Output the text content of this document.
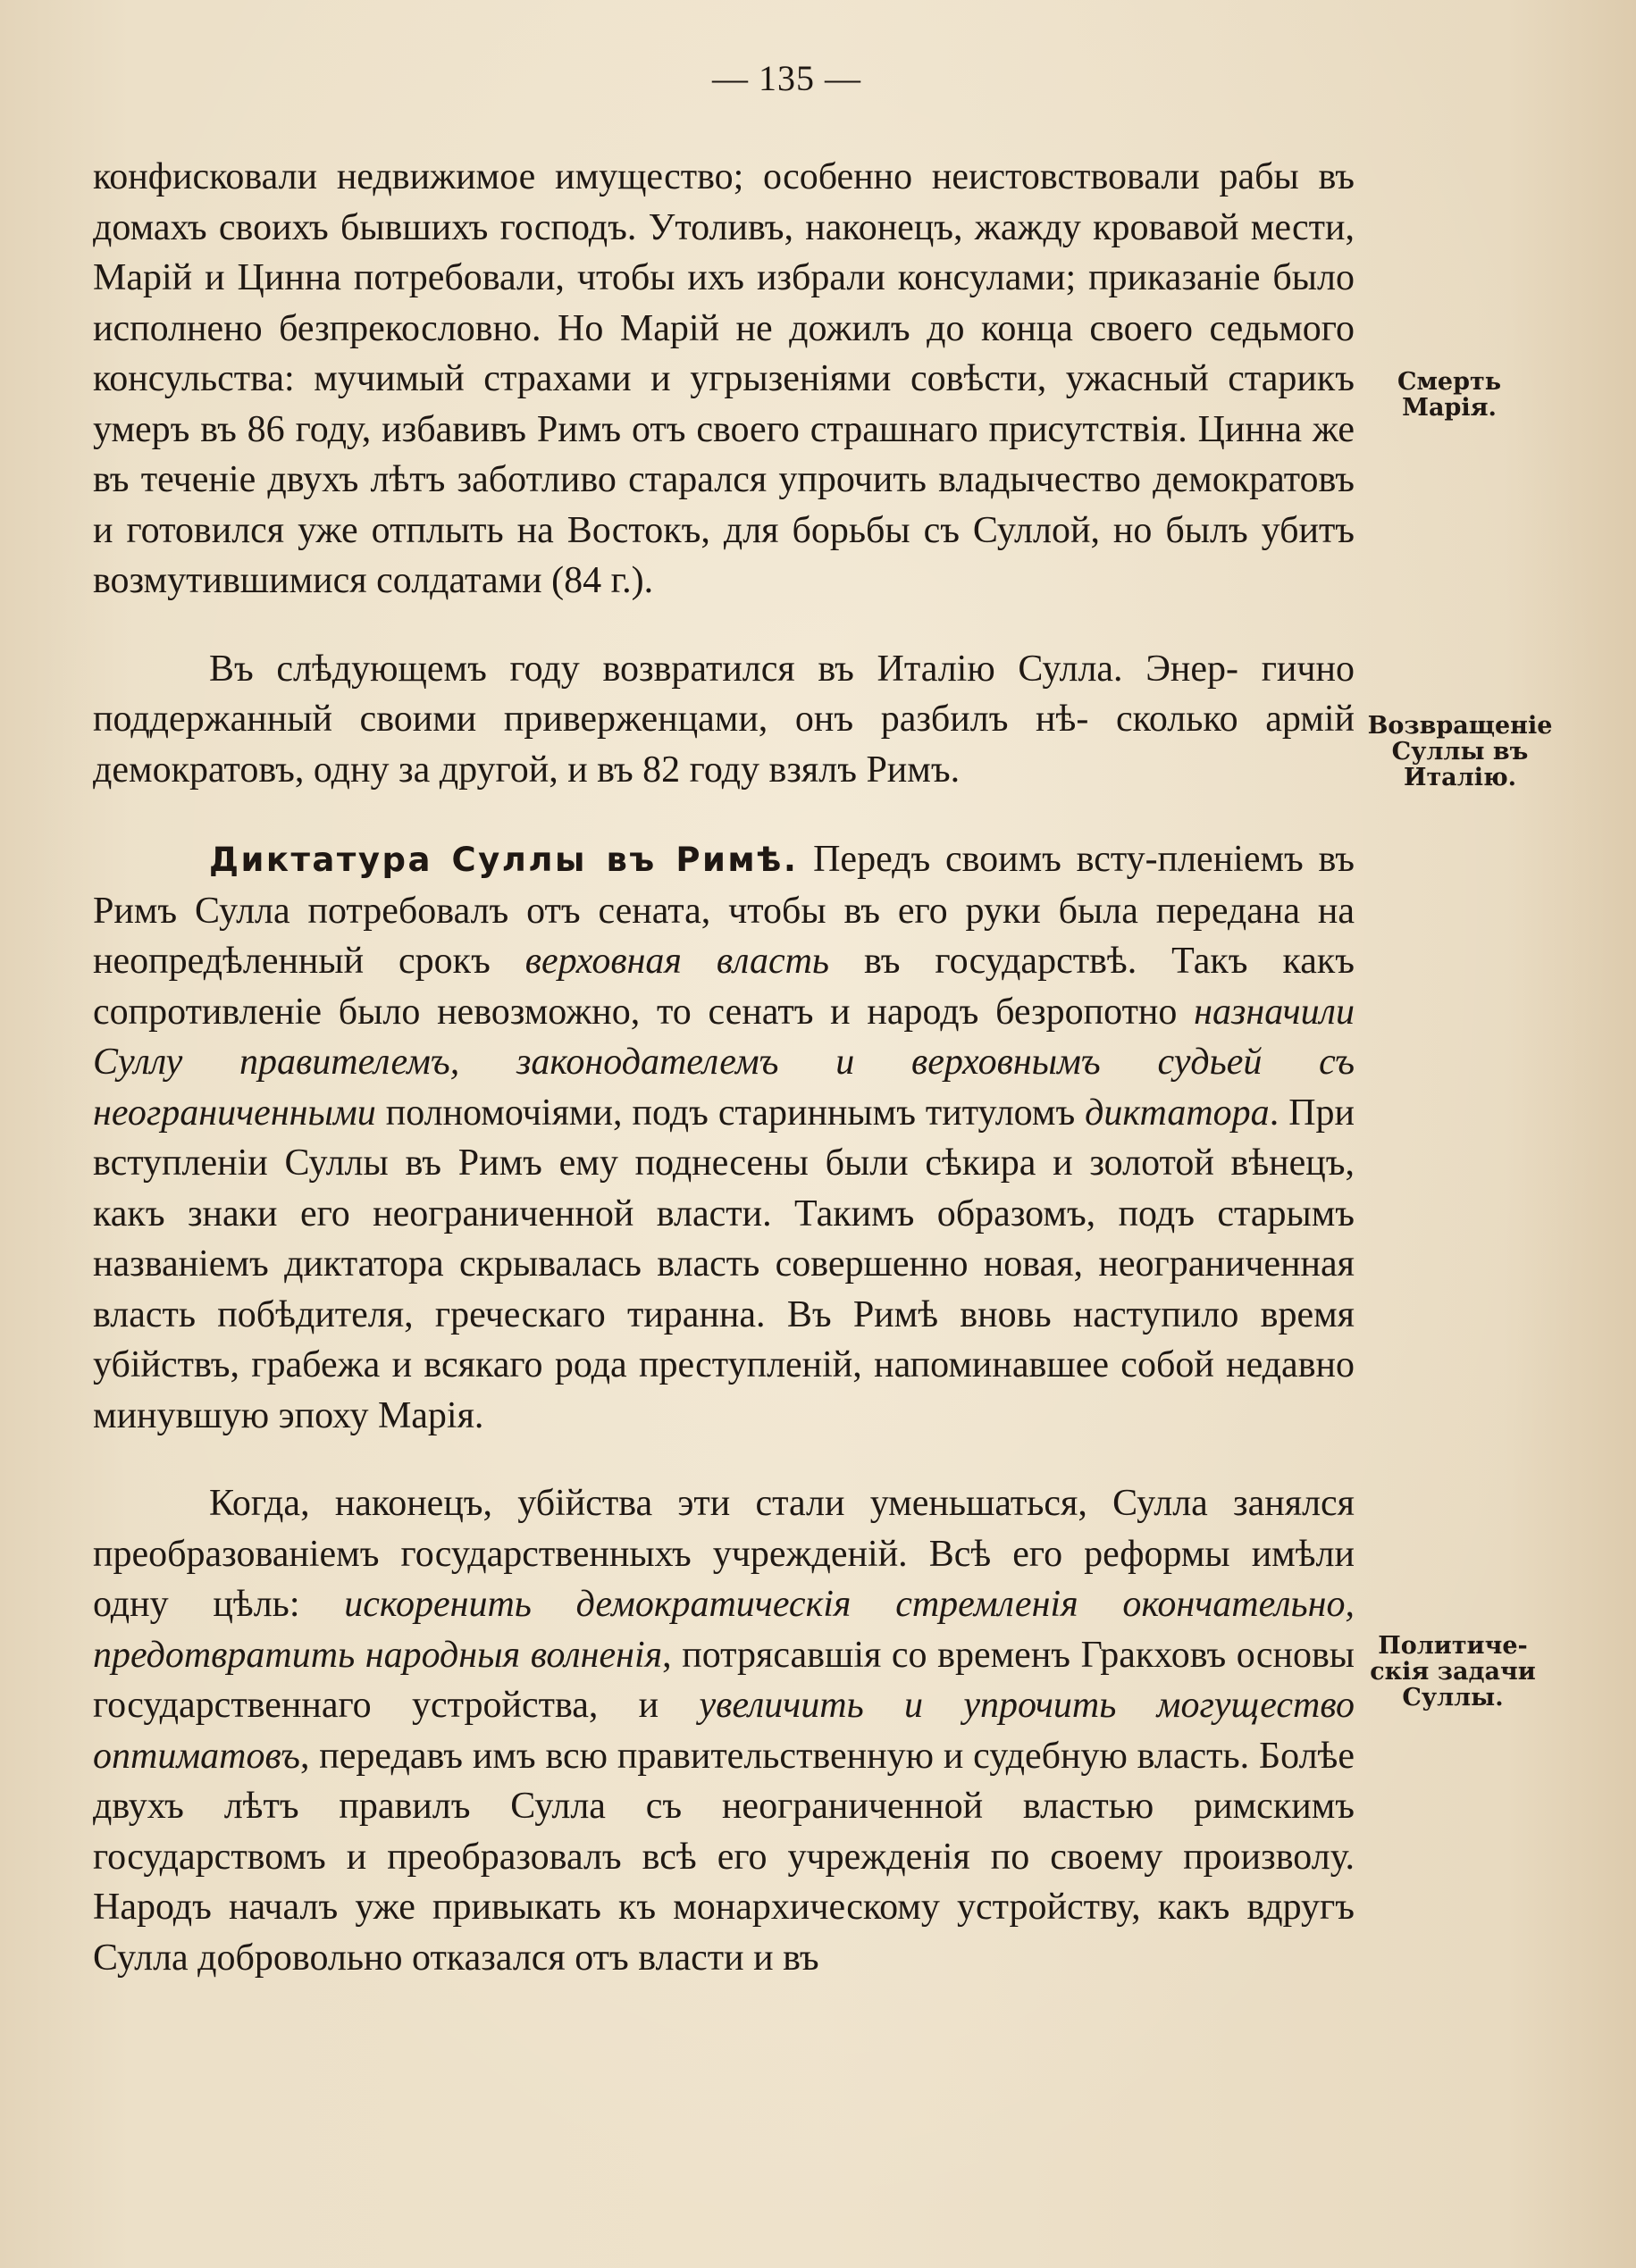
— 135 —
конфисковали недвижимое имущество; особенно неистовствовали рабы въ домахъ своихъ бывшихъ господъ. Утоливъ, наконецъ, жажду кровавой мести, Марій и Цинна потребовали, чтобы ихъ избрали консулами; приказаніе было исполнено безпрекословно. Но Марій не дожилъ до конца своего седьмого консульства: мучимый страхами и угрызеніями совѣсти, ужасный старикъ умеръ въ 86 году, избавивъ Римъ отъ своего страшнаго присутствія. Цинна же въ теченіе двухъ лѣтъ заботливо старался упрочить владычество демократовъ и готовился уже отплыть на Востокъ, для борьбы съ Суллой, но былъ убитъ возмутившимися солдатами (84 г.).
Въ слѣдующемъ году возвратился въ Италію Сулла. Энер- гично поддержанный своими приверженцами, онъ разбилъ нѣ- сколько армій демократовъ, одну за другой, и въ 82 году взялъ Римъ.
Диктатура Суллы въ Римѣ. Передъ своимъ всту-пленіемъ въ Римъ Сулла потребовалъ отъ сената, чтобы въ его руки была передана на неопредѣленный срокъ верховная власть въ государствѣ. Такъ какъ сопротивленіе было невозможно, то сенатъ и народъ безропотно назначили Суллу правителемъ, законодателемъ и верховнымъ судьей съ неограниченными полномочіями, подъ стариннымъ титуломъ диктатора. При вступленіи Суллы въ Римъ ему поднесены были сѣкира и золотой вѣнецъ, какъ знаки его неограниченной власти. Такимъ образомъ, подъ старымъ названіемъ диктатора скрывалась власть совершенно новая, неограниченная власть побѣдителя, греческаго тиранна. Въ Римѣ вновь наступило время убійствъ, грабежа и всякаго рода преступленій, напоминавшее собой недавно минувшую эпоху Марія.
Когда, наконецъ, убійства эти стали уменьшаться, Сулла занялся преобразованіемъ государственныхъ учрежденій. Всѣ его реформы имѣли одну цѣль: искоренить демократическія стремленія окончательно, предотвратить народныя волненія, потрясавшія со временъ Гракховъ основы государственнаго устройства, и увеличить и упрочить могущество оптиматовъ, передавъ имъ всю правительственную и судебную власть. Болѣе двухъ лѣтъ правилъ Сулла съ неограниченной властью римскимъ государствомъ и преобразовалъ всѣ его учрежденія по своему произволу. Народъ началъ уже привыкать къ монархическому устройству, какъ вдругъ Сулла добровольно отказался отъ власти и въ
Смерть
Марія.
Возвращеніе
Суллы въ
Италію.
Политиче-
скія задачи
Суллы.
